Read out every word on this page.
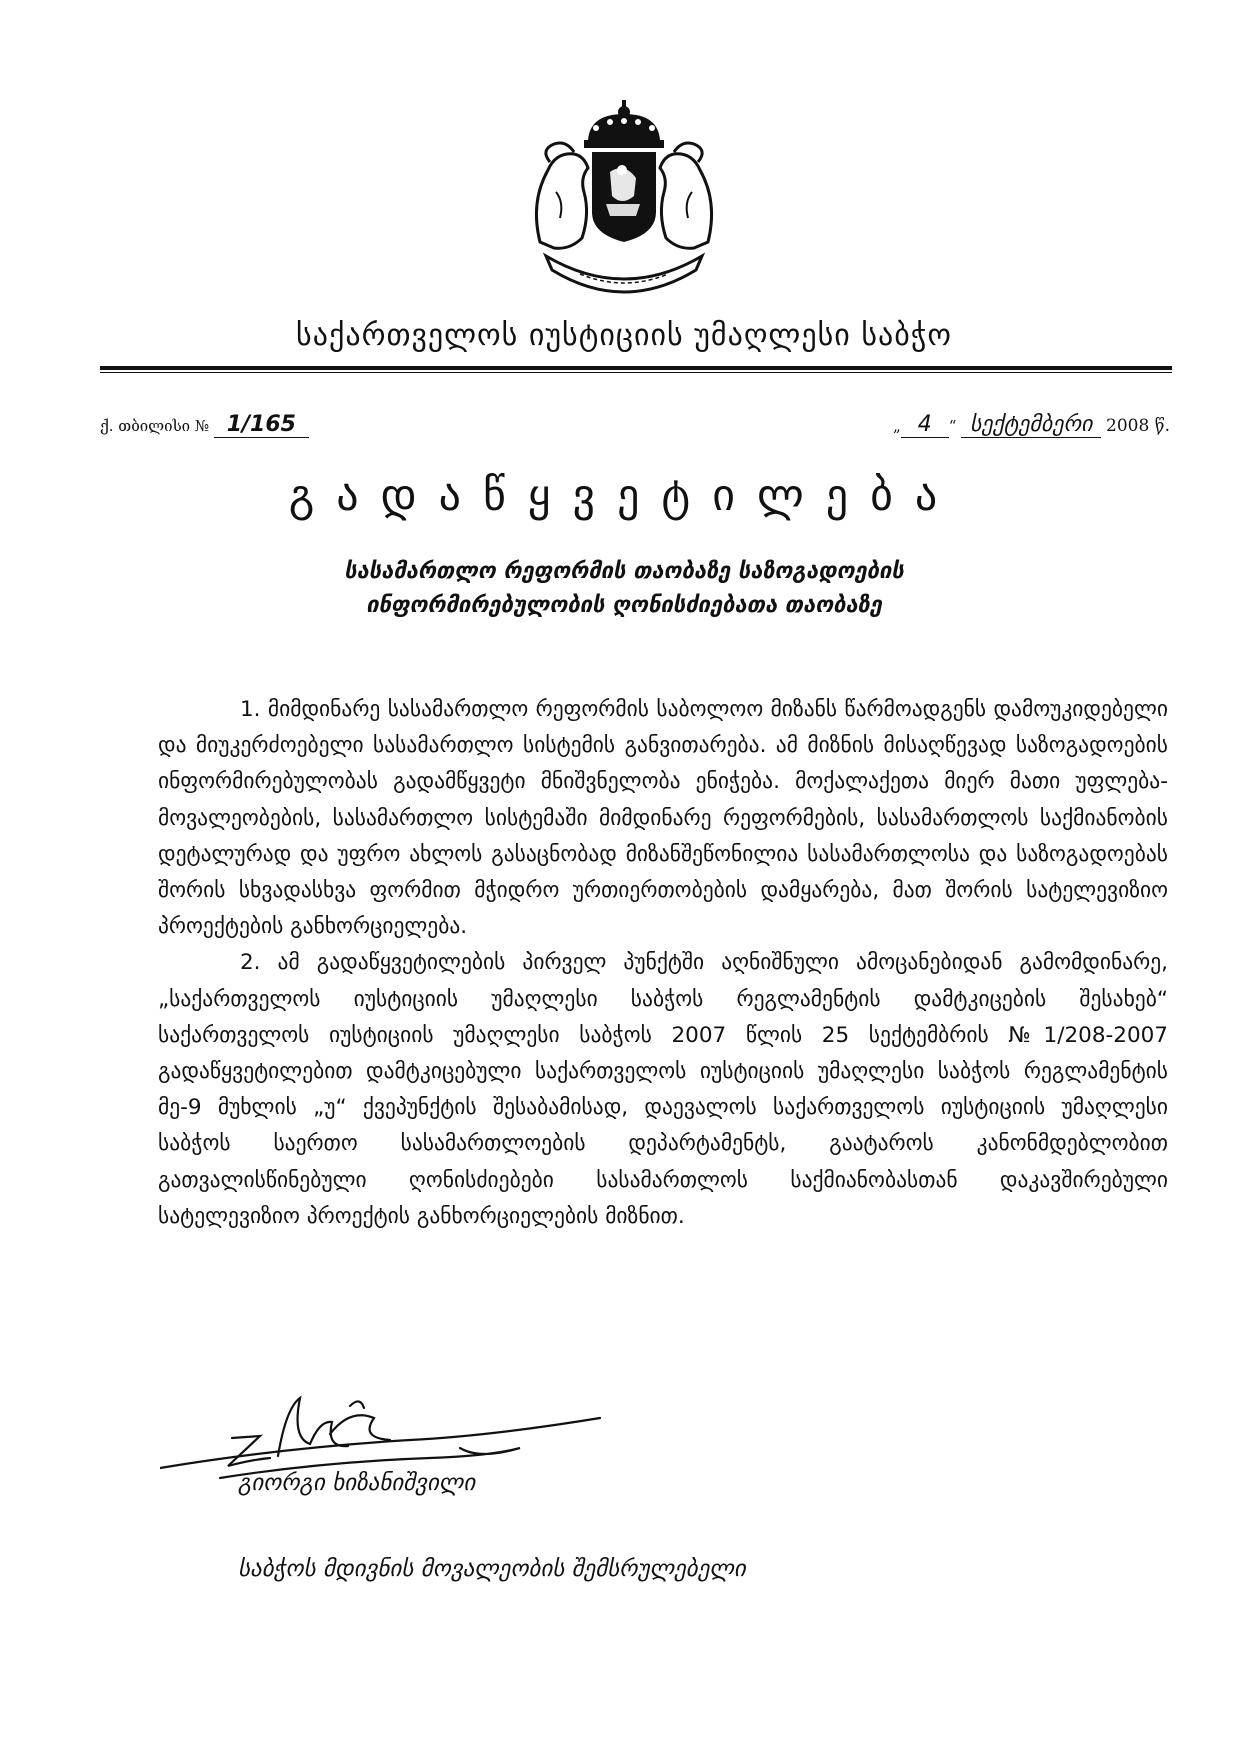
საქართველოს იუსტიციის უმაღლესი საბჭო
ქ. თბილისი № 1/165	„ 4 “ სექტემბერი 2008 წ.
გადაწყვეტილება
სასამართლო რეფორმის თაობაზე საზოგადოების
ინფორმირებულობის ღონისძიებათა თაობაზე

1. მიმდინარე სასამართლო რეფორმის საბოლოო მიზანს წარმოადგენს დამოუკიდებელი და მიუკერძოებელი სასამართლო სისტემის განვითარება. ამ მიზნის მისაღწევად საზოგადოების ინფორმირებულობას გადამწყვეტი მნიშვნელობა ენიჭება. მოქალაქეთა მიერ მათი უფლება-მოვალეობების, სასამართლო სისტემაში მიმდინარე რეფორმების, სასამართლოს საქმიანობის დეტალურად და უფრო ახლოს გასაცნობად მიზანშეწონილია სასამართლოსა და საზოგადოებას შორის სხვადასხვა ფორმით მჭიდრო ურთიერთობების დამყარება, მათ შორის სატელევიზიო პროექტების განხორციელება.

2. ამ გადაწყვეტილების პირველ პუნქტში აღნიშნული ამოცანებიდან გამომდინარე, „საქართველოს იუსტიციის უმაღლესი საბჭოს რეგლამენტის დამტკიცების შესახებ“ საქართველოს იუსტიციის უმაღლესი საბჭოს 2007 წლის 25 სექტემბრის №1/208-2007 გადაწყვეტილებით დამტკიცებული საქართველოს იუსტიციის უმაღლესი საბჭოს რეგლამენტის მე-9 მუხლის „უ“ ქვეპუნქტის შესაბამისად, დაევალოს საქართველოს იუსტიციის უმაღლესი საბჭოს საერთო სასამართლოების დეპარტამენტს, გაატაროს კანონმდებლობით გათვალისწინებული ღონისძიებები სასამართლოს საქმიანობასთან დაკავშირებული სატელევიზიო პროექტის განხორციელების მიზნით.

გიორგი ხიზანიშვილი
საბჭოს მდივნის მოვალეობის შემსრულებელი
